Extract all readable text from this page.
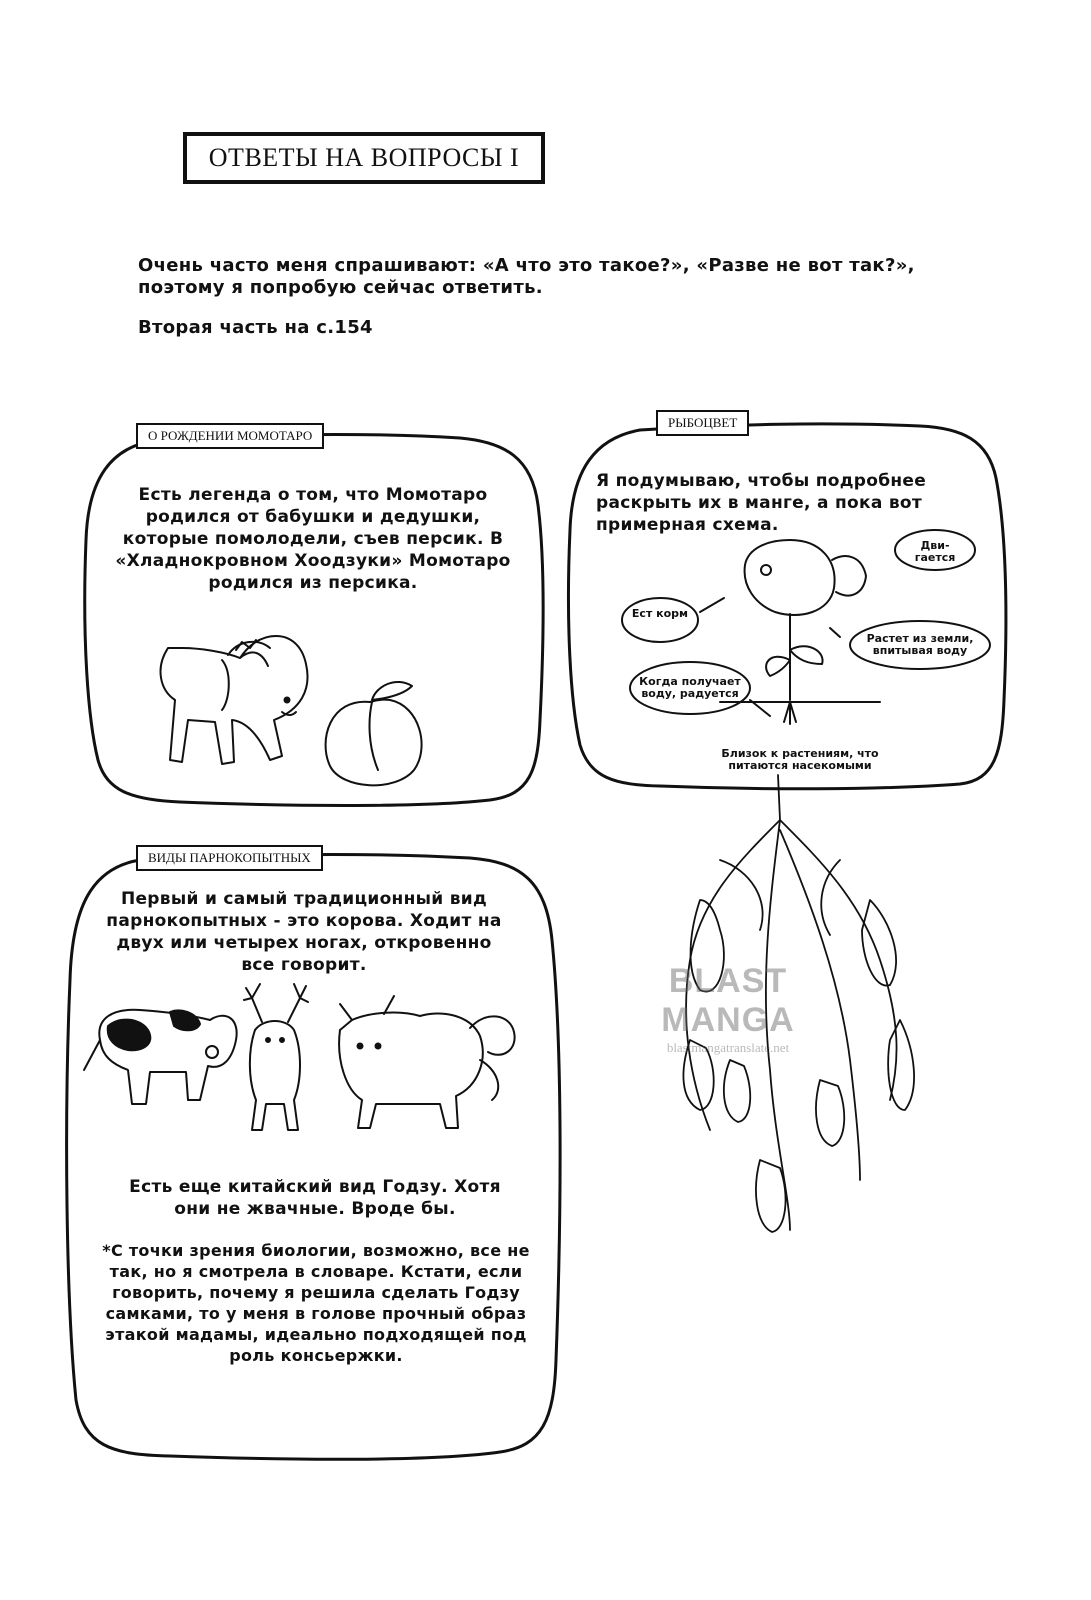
ОТВЕТЫ НА ВОПРОСЫ I

Очень часто меня спрашивают: «А что это такое?», «Разве не вот так?»,
поэтому я попробую сейчас ответить.

Вторая часть на с.154

О РОЖДЕНИИ МОМОТАРО
Есть легенда о том, что Момотаро родился от бабушки и дедушки, которые помолодели, съев персик. В «Хладнокровном Хоодзуки» Момотаро родился из персика.
РЫБОЦВЕТ
Я подумываю, чтобы подробнее раскрыть их в манге, а пока вот примерная схема.
Дви-гается
Ест корм
Растет из земли, впитывая воду
Когда получает воду, радуется
Близок к растениям, что питаются насекомыми
ВИДЫ ПАРНОКОПЫТНЫХ
Первый и самый традиционный вид парнокопытных - это корова. Ходит на двух или четырех ногах, откровенно все говорит.
Есть еще китайский вид Годзу. Хотя они не жвачные. Вроде бы.
*С точки зрения биологии, возможно, все не так, но я смотрела в словаре. Кстати, если говорить, почему я решила сделать Годзу самками, то у меня в голове прочный образ этакой мадамы, идеально подходящей под роль консьержки.
BLAST MANGA
blastmangatranslate.net
